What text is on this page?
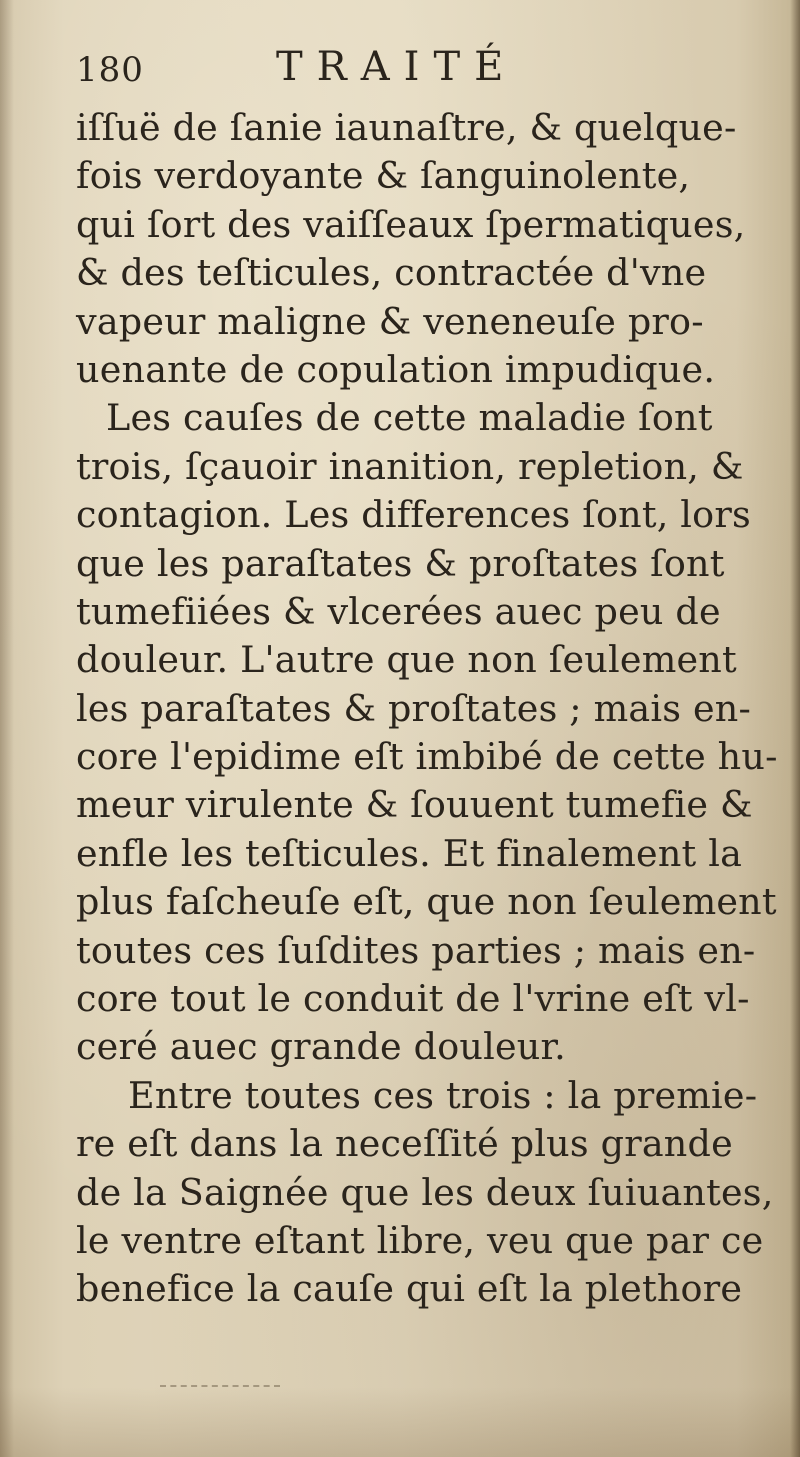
180	TRAITÉ
iſſuë de ſanie iaunaſtre, & quelque-
fois verdoyante & ſanguinolente,
qui ſort des vaiſſeaux ſpermatiques,
& des teſticules, contractée d'vne
vapeur maligne & veneneuſe pro-
uenante de copulation impudique.
Les cauſes de cette maladie ſont
trois, ſçauoir inanition, repletion, &
contagion. Les differences ſont, lors
que les paraſtates & proſtates ſont
tumefiiées & vlcerées auec peu de
douleur. L'autre que non ſeulement
les paraſtates & proſtates ; mais en-
core l'epidime eſt imbibé de cette hu-
meur virulente & ſouuent tumefie &
enfle les teſticules. Et finalement la
plus faſcheuſe eſt, que non ſeulement
toutes ces ſuſdites parties ; mais en-
core tout le conduit de l'vrine eſt vl-
ceré auec grande douleur.
Entre toutes ces trois : la premie-
re eſt dans la neceſſité plus grande
de la Saignée que les deux ſuiuantes,
le ventre eſtant libre, veu que par ce
benefice la cauſe qui eſt la plethore
